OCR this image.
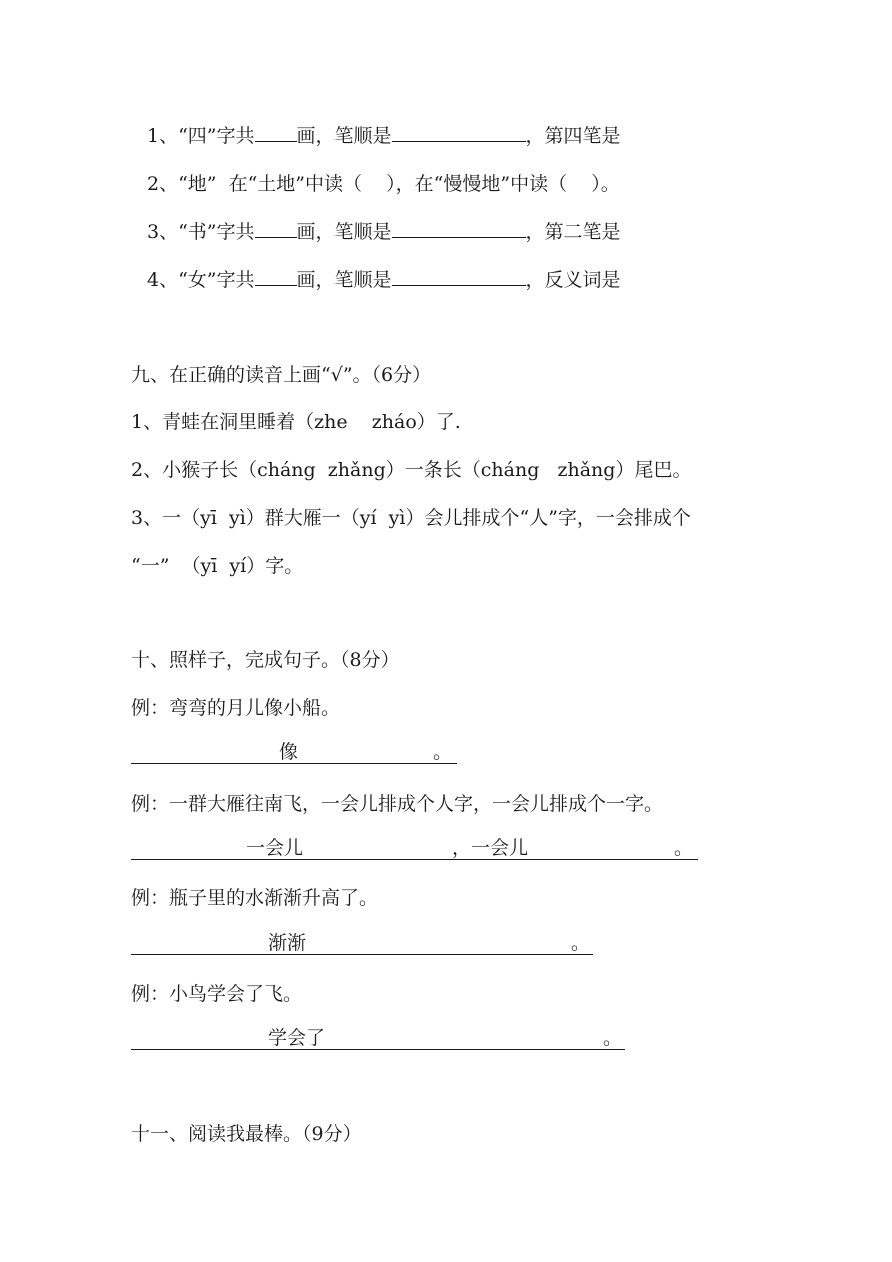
1、“四”字共 画，笔顺是	，第四笔是
2、“地”  在“土地”中读（    ），在“慢慢地”中读（    ）。
3、“书”字共 画，笔顺是	，第二笔是
4、“女”字共 画，笔顺是	，反义词是
九、在正确的读音上画“√”。（6分）
1、青蛙在洞里睡着（zhe    zháo）了.
2、小猴子长（cháng  zhǎng）一条长（cháng   zhǎng）尾巴。
3、一（yī  yì）群大雁一（yí  yì）会儿排成个“人”字，一会排成个
“一”  （yī  yí）字。
十、照样子，完成句子。（8分）
例：弯弯的月儿像小船。
像	。
例：一群大雁往南飞，一会儿排成个人字，一会儿排成个一字。
一会儿	，一会儿	。
例：瓶子里的水渐渐升高了。
渐渐	。
例：小鸟学会了飞。
学会了	。
十一、阅读我最棒。（9分）
